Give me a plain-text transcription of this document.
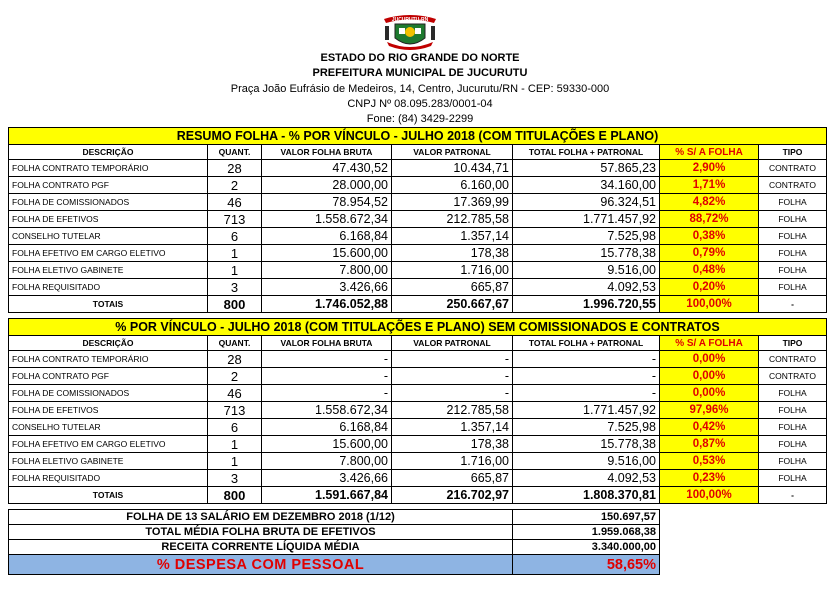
JUCURUTU-RN
ESTADO DO RIO GRANDE DO NORTE
PREFEITURA MUNICIPAL DE JUCURUTU
Praça João Eufrásio de Medeiros, 14, Centro, Jucurutu/RN - CEP: 59330-000
CNPJ Nº 08.095.283/0001-04
Fone: (84) 3429-2299
RESUMO FOLHA - % POR VÍNCULO - JULHO 2018 (COM TITULAÇÕES E PLANO)						
DESCRIÇÃO	QUANT.	VALOR FOLHA BRUTA	VALOR PATRONAL	TOTAL FOLHA + PATRONAL	% S/ A FOLHA	TIPO
FOLHA CONTRATO TEMPORÁRIO	28	47.430,52	10.434,71	57.865,23	2,90%	CONTRATO
FOLHA CONTRATO PGF	2	28.000,00	6.160,00	34.160,00	1,71%	CONTRATO
FOLHA DE COMISSIONADOS	46	78.954,52	17.369,99	96.324,51	4,82%	FOLHA
FOLHA DE EFETIVOS	713	1.558.672,34	212.785,58	1.771.457,92	88,72%	FOLHA
CONSELHO TUTELAR	6	6.168,84	1.357,14	7.525,98	0,38%	FOLHA
FOLHA EFETIVO EM CARGO ELETIVO	1	15.600,00	178,38	15.778,38	0,79%	FOLHA
FOLHA ELETIVO GABINETE	1	7.800,00	1.716,00	9.516,00	0,48%	FOLHA
FOLHA REQUISITADO	3	3.426,66	665,87	4.092,53	0,20%	FOLHA
TOTAIS	800	1.746.052,88	250.667,67	1.996.720,55	100,00%	-
% POR VÍNCULO - JULHO 2018 (COM TITULAÇÕES E PLANO) SEM COMISSIONADOS E CONTRATOS						
DESCRIÇÃO	QUANT.	VALOR FOLHA BRUTA	VALOR PATRONAL	TOTAL FOLHA + PATRONAL	% S/ A FOLHA	TIPO
FOLHA CONTRATO TEMPORÁRIO	28	-	-	-	0,00%	CONTRATO
FOLHA CONTRATO PGF	2	-	-	-	0,00%	CONTRATO
FOLHA DE COMISSIONADOS	46	-	-	-	0,00%	FOLHA
FOLHA DE EFETIVOS	713	1.558.672,34	212.785,58	1.771.457,92	97,96%	FOLHA
CONSELHO TUTELAR	6	6.168,84	1.357,14	7.525,98	0,42%	FOLHA
FOLHA EFETIVO EM CARGO ELETIVO	1	15.600,00	178,38	15.778,38	0,87%	FOLHA
FOLHA ELETIVO GABINETE	1	7.800,00	1.716,00	9.516,00	0,53%	FOLHA
FOLHA REQUISITADO	3	3.426,66	665,87	4.092,53	0,23%	FOLHA
TOTAIS	800	1.591.667,84	216.702,97	1.808.370,81	100,00%	-
FOLHA DE 13 SALÁRIO EM DEZEMBRO 2018 (1/12)	150.697,57
TOTAL MÉDIA FOLHA BRUTA DE EFETIVOS	1.959.068,38
RECEITA CORRENTE LÍQUIDA MÉDIA	3.340.000,00
% DESPESA COM PESSOAL	58,65%
